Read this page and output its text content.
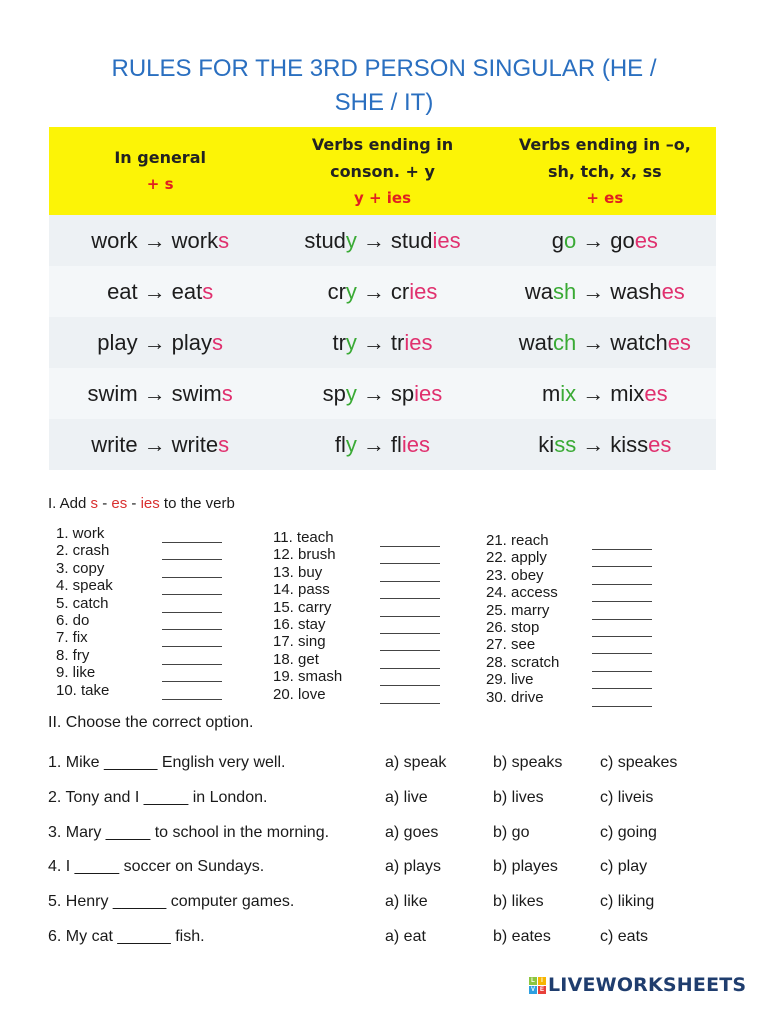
RULES FOR THE 3RD PERSON SINGULAR (HE /
SHE / IT)
In general
+ s
Verbs ending in
conson. + y
y + ies
Verbs ending in –o,
sh, tch, x, ss
+ es
work → works	study → studies	go → goes
eat → eats	cry → cries	wash → washes
play → plays	try → tries	watch → watches
swim → swims	spy → spies	mix → mixes
write → writes	fly → flies	kiss → kisses
I. Add s - es - ies to the verb
1. work
2. crash
3. copy
4. speak
5. catch
6. do
7. fix
8. fry
9. like
10. take
11. teach
12. brush
13. buy
14. pass
15. carry
16. stay
17. sing
18. get
19. smash
20. love
21. reach
22. apply
23. obey
24. access
25. marry
26. stop
27. see
28. scratch
29. live
30. drive
II. Choose the correct option.
1. Mike ______ English very well.	a) speak	b) speaks c) speakes
2. Tony and I _____ in London.	a) live	b) lives	c) liveis
3. Mary _____ to school in the morning.	a) goes	b) go	c) going
4. I _____ soccer on Sundays.	a) plays	b) playes	c) play
5. Henry ______ computer games.	a) like	b) likes	c) liking
6. My cat ______ fish.	a) eat	b) eates	c) eats
L	I
V E LIVEWORKSHEETS
